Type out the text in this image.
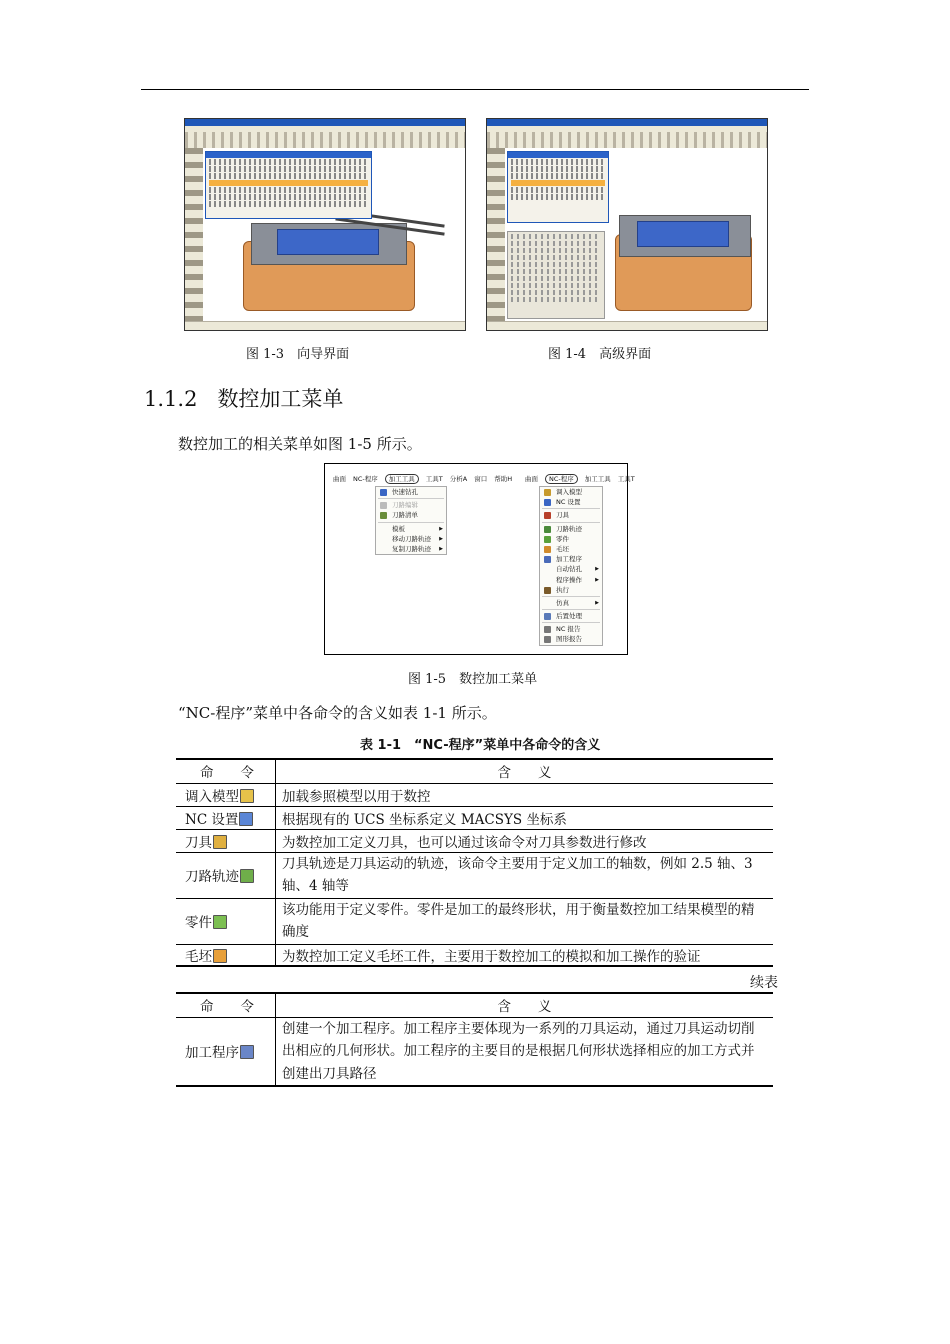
图 1-3　向导界面	图 1-4　高级界面
1.1.2 数控加工菜单
数控加工的相关菜单如图 1-5 所示。
曲面 NC-程序 加工工具 工具T 分析A 窗口 帮助H
快速钻孔
刀路编辑
刀路清单
模板	▶
移动刀路轨迹 ▶
复制刀路轨迹 ▶
曲面 NC-程序 加工工具 工具T
调入模型
NC 设置
刀具
刀路轨迹
零件
毛坯
加工程序
自动钻孔	▶
程序操作	▶
执行
仿真	▶
后置处理
NC 报告
图形报告
图 1-5　数控加工菜单
“NC-程序”菜单中各命令的含义如表 1-1 所示。
表 1-1　“NC-程序”菜单中各命令的含义
命　　令	含　　义
调入模型	加载参照模型以用于数控
NC 设置	根据现有的 UCS 坐标系定义 MACSYS 坐标系
刀具	为数控加工定义刀具，也可以通过该命令对刀具参数进行修改
刀路轨迹	刀具轨迹是刀具运动的轨迹，该命令主要用于定义加工的轴数，例如 2.5 轴、3 轴、4 轴等
零件	该功能用于定义零件。零件是加工的最终形状，用于衡量数控加工结果模型的精确度
毛坯	为数控加工定义毛坯工件，主要用于数控加工的模拟和加工操作的验证
续表
命　　令	含　　义
加工程序	创建一个加工程序。加工程序主要体现为一系列的刀具运动，通过刀具运动切削出相应的几何形状。加工程序的主要目的是根据几何形状选择相应的加工方式并创建出刀具路径
